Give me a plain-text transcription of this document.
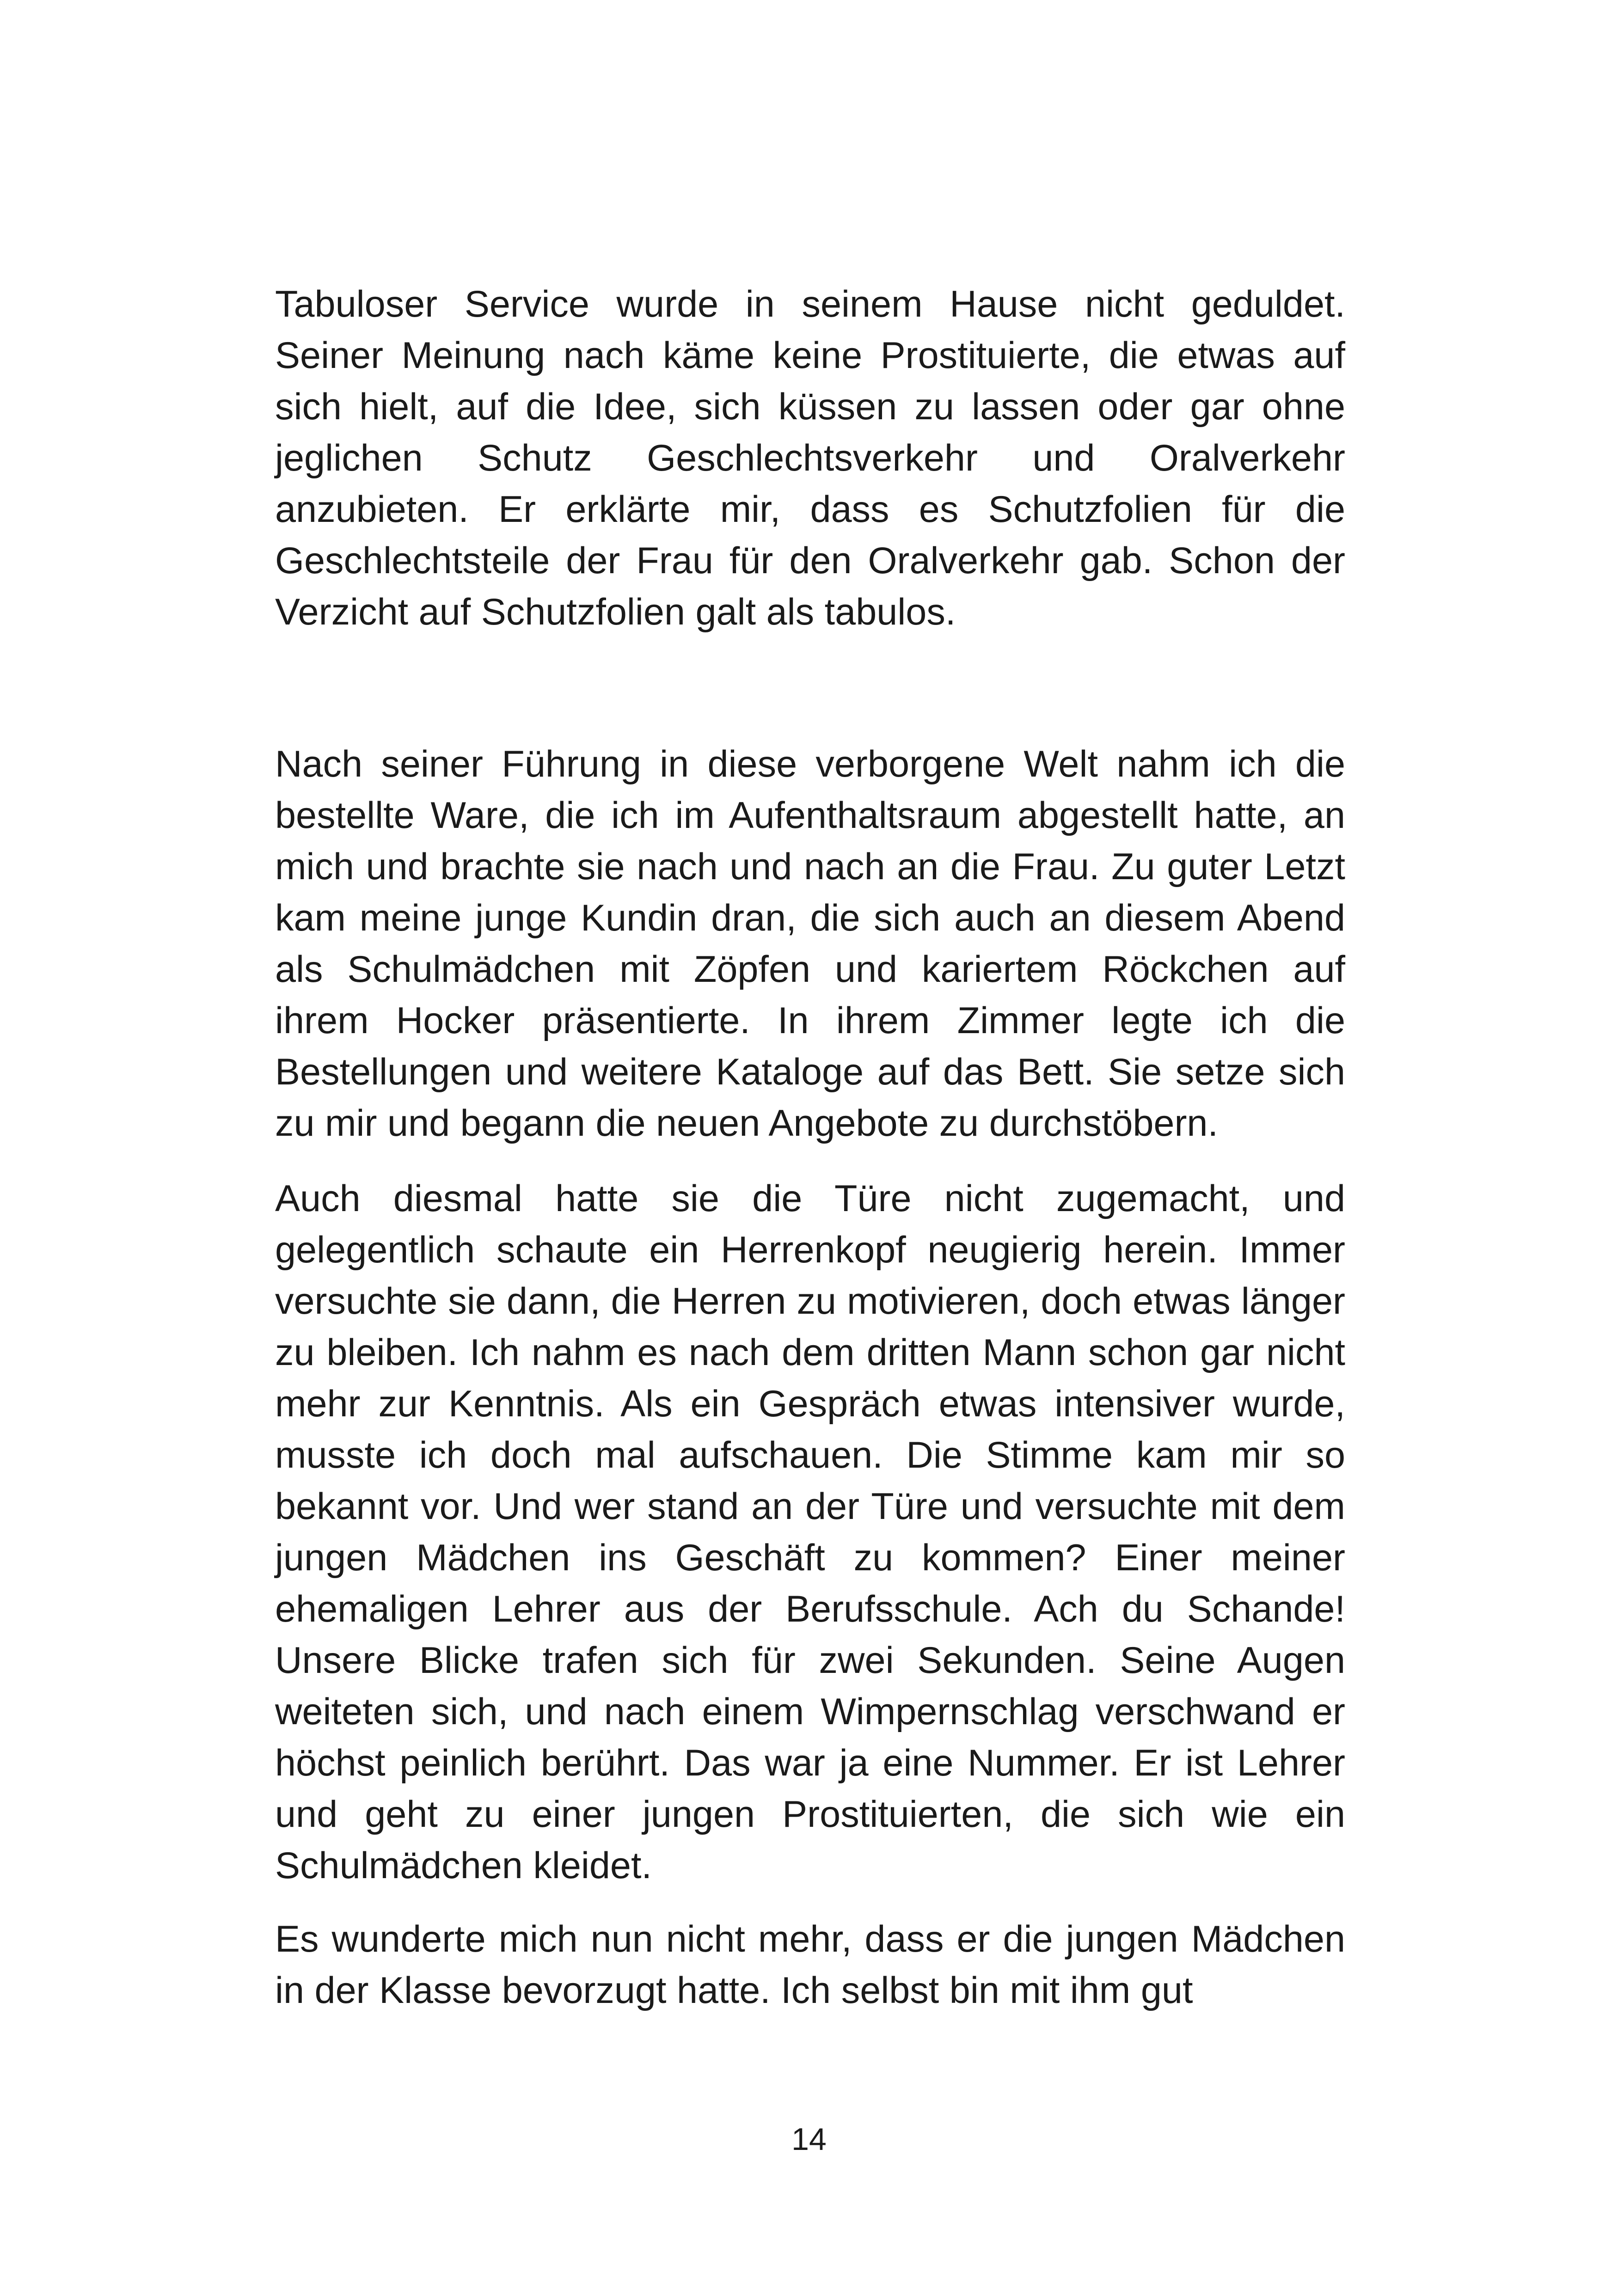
Tabuloser Service wurde in seinem Hause nicht geduldet. Seiner Meinung nach käme keine Prostituierte, die etwas auf sich hielt, auf die Idee, sich küssen zu lassen oder gar ohne jeglichen Schutz Geschlechtsverkehr und Oralverkehr anzubieten. Er erklärte mir, dass es Schutzfolien für die Geschlechtsteile der Frau für den Oralverkehr gab. Schon der Verzicht auf Schutzfolien galt als tabulos.

Nach seiner Führung in diese verborgene Welt nahm ich die bestellte Ware, die ich im Aufenthaltsraum abgestellt hatte, an mich und brachte sie nach und nach an die Frau. Zu guter Letzt kam meine junge Kundin dran, die sich auch an diesem Abend als Schulmädchen mit Zöpfen und kariertem Röckchen auf ihrem Hocker präsentierte. In ihrem Zimmer legte ich die Bestellungen und weitere Kataloge auf das Bett. Sie setze sich zu mir und begann die neuen Angebote zu durchstöbern.

Auch diesmal hatte sie die Türe nicht zugemacht, und gelegentlich schaute ein Herrenkopf neugierig herein. Immer versuchte sie dann, die Herren zu motivieren, doch etwas länger zu bleiben. Ich nahm es nach dem dritten Mann schon gar nicht mehr zur Kenntnis. Als ein Gespräch etwas intensiver wurde, musste ich doch mal aufschauen. Die Stimme kam mir so bekannt vor. Und wer stand an der Türe und versuchte mit dem jungen Mädchen ins Geschäft zu kommen? Einer meiner ehemaligen Lehrer aus der Berufsschule. Ach du Schande! Unsere Blicke trafen sich für zwei Sekunden. Seine Augen weiteten sich, und nach einem Wimpernschlag verschwand er höchst peinlich berührt. Das war ja eine Nummer. Er ist Lehrer und geht zu einer jungen Prostituierten, die sich wie ein Schulmädchen kleidet.

Es wunderte mich nun nicht mehr, dass er die jungen Mädchen in der Klasse bevorzugt hatte. Ich selbst bin mit ihm gut

14
